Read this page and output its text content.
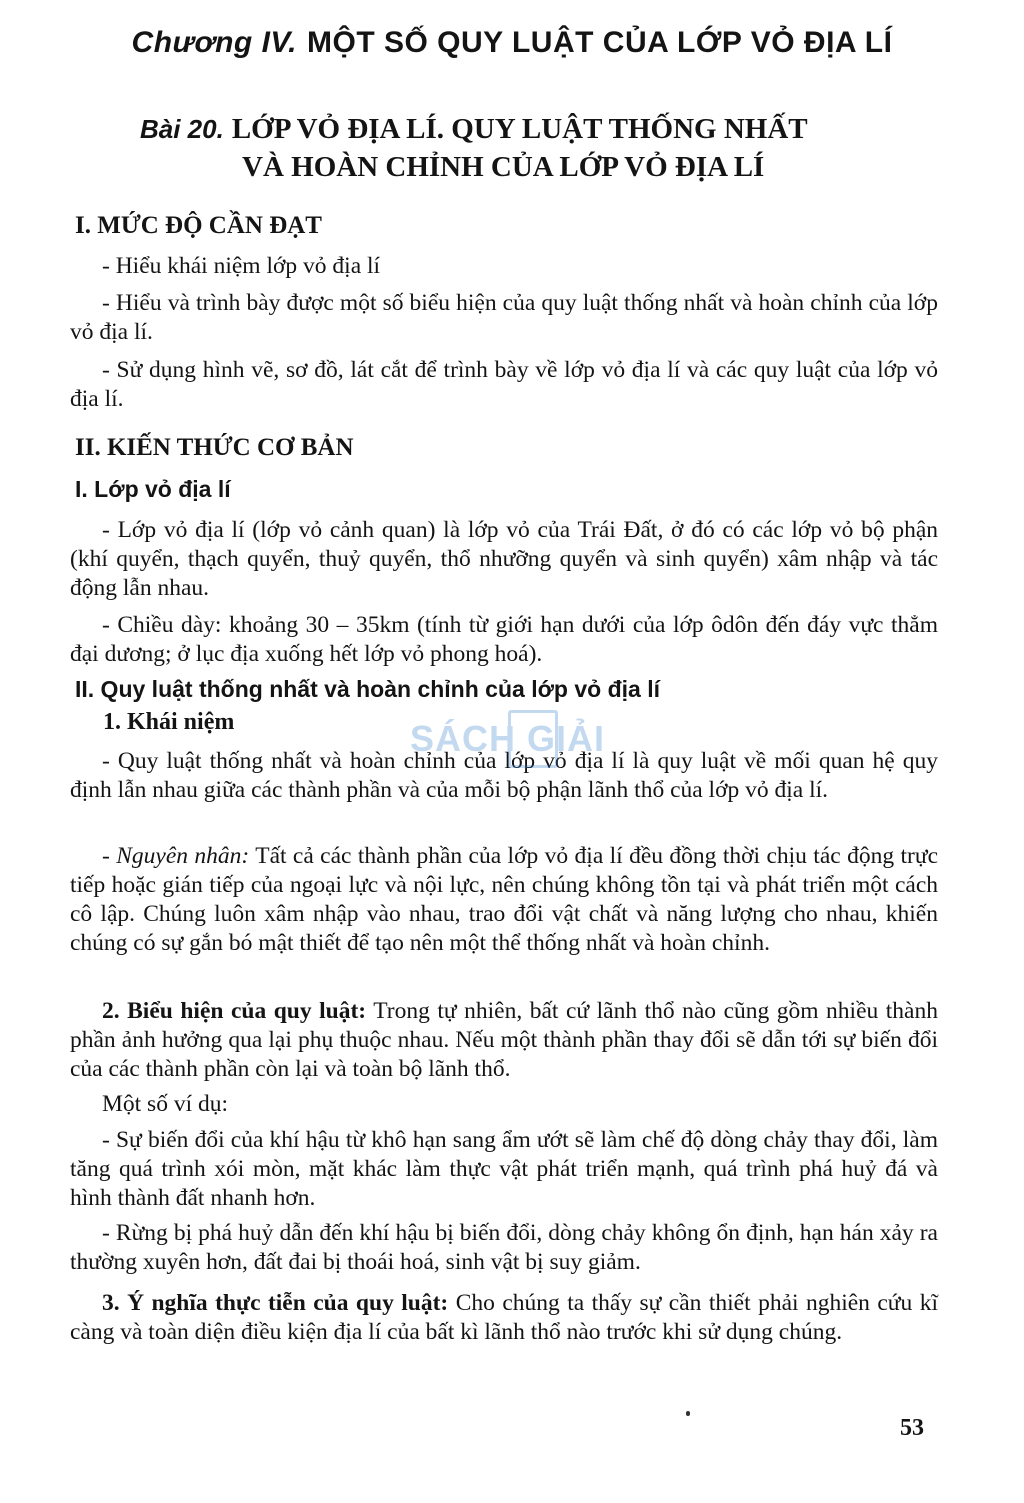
Chương IV. MỘT SỐ QUY LUẬT CỦA LỚP VỎ ĐỊA LÍ
Bài 20. LỚP VỎ ĐỊA LÍ. QUY LUẬT THỐNG NHẤT
VÀ HOÀN CHỈNH CỦA LỚP VỎ ĐỊA LÍ
I. MỨC ĐỘ CẦN ĐẠT
- Hiểu khái niệm lớp vỏ địa lí
- Hiểu và trình bày được một số biểu hiện của quy luật thống nhất và hoàn chỉnh của lớp vỏ địa lí.
- Sử dụng hình vẽ, sơ đồ, lát cắt để trình bày về lớp vỏ địa lí và các quy luật của lớp vỏ địa lí.
II. KIẾN THỨC CƠ BẢN
I. Lớp vỏ địa lí
- Lớp vỏ địa lí (lớp vỏ cảnh quan) là lớp vỏ của Trái Đất, ở đó có các lớp vỏ bộ phận (khí quyển, thạch quyển, thuỷ quyển, thổ nhưỡng quyển và sinh quyển) xâm nhập và tác động lẫn nhau.
- Chiều dày: khoảng 30 – 35km (tính từ giới hạn dưới của lớp ôdôn đến đáy vực thẳm đại dương; ở lục địa xuống hết lớp vỏ phong hoá).
II. Quy luật thống nhất và hoàn chỉnh của lớp vỏ địa lí
1. Khái niệm
- Quy luật thống nhất và hoàn chỉnh của lớp vỏ địa lí là quy luật về mối quan hệ quy định lẫn nhau giữa các thành phần và của mỗi bộ phận lãnh thổ của lớp vỏ địa lí.
- Nguyên nhân: Tất cả các thành phần của lớp vỏ địa lí đều đồng thời chịu tác động trực tiếp hoặc gián tiếp của ngoại lực và nội lực, nên chúng không tồn tại và phát triển một cách cô lập. Chúng luôn xâm nhập vào nhau, trao đổi vật chất và năng lượng cho nhau, khiến chúng có sự gắn bó mật thiết để tạo nên một thể thống nhất và hoàn chỉnh.
2. Biểu hiện của quy luật: Trong tự nhiên, bất cứ lãnh thổ nào cũng gồm nhiều thành phần ảnh hưởng qua lại phụ thuộc nhau. Nếu một thành phần thay đổi sẽ dẫn tới sự biến đổi của các thành phần còn lại và toàn bộ lãnh thổ.
Một số ví dụ:
- Sự biến đổi của khí hậu từ khô hạn sang ẩm ướt sẽ làm chế độ dòng chảy thay đổi, làm tăng quá trình xói mòn, mặt khác làm thực vật phát triển mạnh, quá trình phá huỷ đá và hình thành đất nhanh hơn.
- Rừng bị phá huỷ dẫn đến khí hậu bị biến đổi, dòng chảy không ổn định, hạn hán xảy ra thường xuyên hơn, đất đai bị thoái hoá, sinh vật bị suy giảm.
3. Ý nghĩa thực tiễn của quy luật: Cho chúng ta thấy sự cần thiết phải nghiên cứu kĩ càng và toàn diện điều kiện địa lí của bất kì lãnh thổ nào trước khi sử dụng chúng.
SÁCH GIẢI
53
